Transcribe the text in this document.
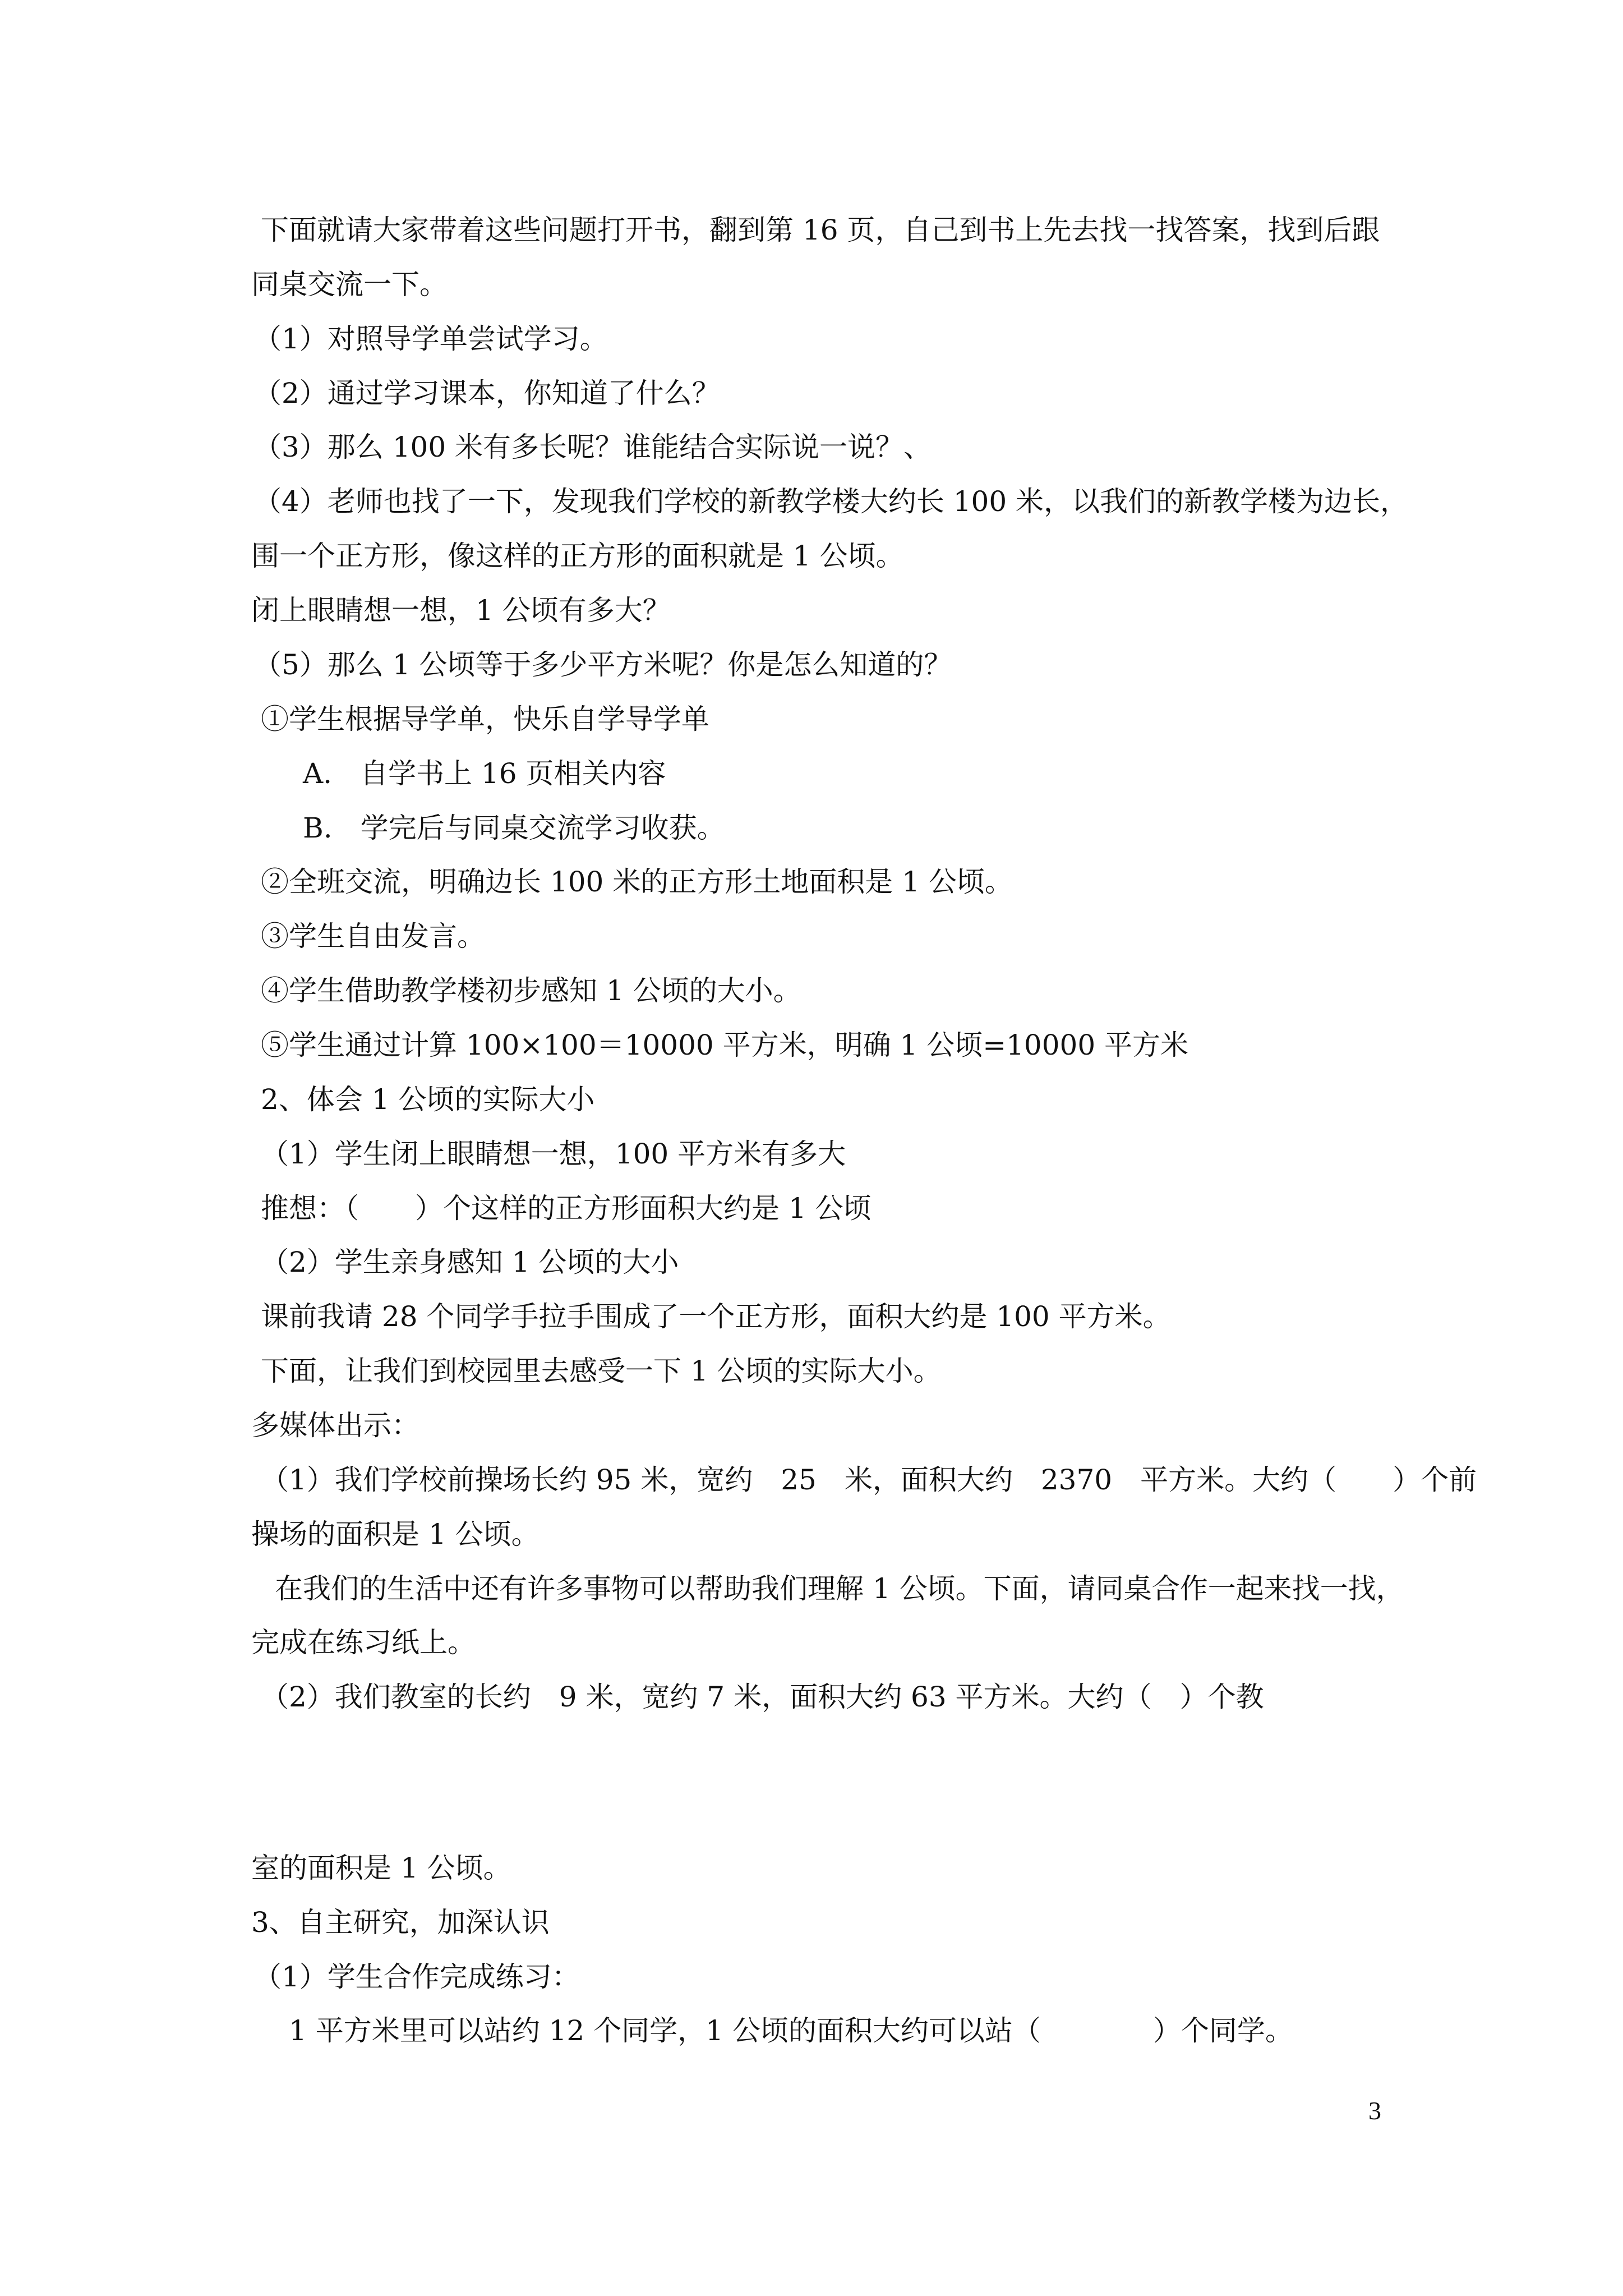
下面就请大家带着这些问题打开书，翻到第 16 页，自己到书上先去找一找答案，找到后跟

同桌交流一下。

（1）对照导学单尝试学习。

（2）通过学习课本，你知道了什么？

（3）那么 100 米有多长呢？谁能结合实际说一说？、

（4）老师也找了一下，发现我们学校的新教学楼大约长 100 米，以我们的新教学楼为边长，

围一个正方形，像这样的正方形的面积就是 1 公顷。

闭上眼睛想一想，1 公顷有多大？

（5）那么 1 公顷等于多少平方米呢？你是怎么知道的？

①学生根据导学单，快乐自学导学单

A.　自学书上 16 页相关内容

B.　学完后与同桌交流学习收获。

②全班交流，明确边长 100 米的正方形土地面积是 1 公顷。

③学生自由发言。

④学生借助教学楼初步感知 1 公顷的大小。

⑤学生通过计算 100×100＝10000 平方米，明确 1 公顷=10000 平方米

2、体会 1 公顷的实际大小

（1）学生闭上眼睛想一想，100 平方米有多大

推想：（　　）个这样的正方形面积大约是 1 公顷

（2）学生亲身感知 1 公顷的大小

课前我请 28 个同学手拉手围成了一个正方形，面积大约是 100 平方米。

下面，让我们到校园里去感受一下 1 公顷的实际大小。

多媒体出示：

（1）我们学校前操场长约 95 米，宽约　25　米，面积大约　2370　平方米。大约（　　）个前

操场的面积是 1 公顷。

在我们的生活中还有许多事物可以帮助我们理解 1 公顷。下面，请同桌合作一起来找一找，

完成在练习纸上。

（2）我们教室的长约　9 米，宽约 7 米，面积大约 63 平方米。大约（　）个教

室的面积是 1 公顷。

3、自主研究，加深认识

（1）学生合作完成练习：

1 平方米里可以站约 12 个同学，1 公顷的面积大约可以站（　　　　）个同学。

3
